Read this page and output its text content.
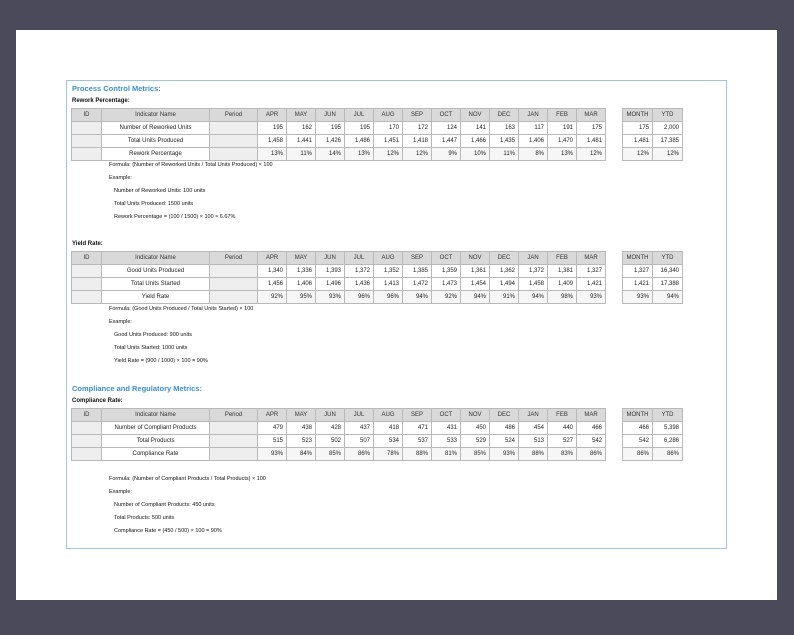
Process Control Metrics:
Rework Percentage:
Yield Rate:
Compliance and Regulatory Metrics:
Compliance Rate:
ID	Indicator Name	Period	APR	MAY	JUN	JUL	AUG	SEP	OCT	NOV	DEC	JAN	FEB	MAR
	Number of Reworked Units		195	162	195	195	170	172	124	141	163	117	191	175
	Total Units Produced		1,458	1,441	1,426	1,486	1,451	1,418	1,447	1,466	1,435	1,406	1,470	1,481
	Rework Percentage		13%	11%	14%	13%	12%	12%	9%	10%	11%	8%	13%	12%
MONTH	YTD
175	2,000
1,481	17,385
12%	12%
Formula: (Number of Reworked Units / Total Units Produced) × 100
Example:
Number of Reworked Units: 100 units
Total Units Produced: 1500 units
Rework Percentage = (100 / 1500) × 100 ≈ 6.67%
ID	Indicator Name	Period	APR	MAY	JUN	JUL	AUG	SEP	OCT	NOV	DEC	JAN	FEB	MAR
	Good Units Produced		1,340	1,336	1,393	1,372	1,352	1,385	1,359	1,361	1,362	1,372	1,381	1,327
	Total Units Started		1,456	1,406	1,496	1,436	1,413	1,472	1,473	1,454	1,494	1,458	1,409	1,421
	Yield Rate		92%	95%	93%	96%	96%	94%	92%	94%	91%	94%	98%	93%
MONTH	YTD
1,327	16,340
1,421	17,388
93%	94%
Formula: (Good Units Produced / Total Units Started) × 100
Example:
Good Units Produced: 900 units
Total Units Started: 1000 units
Yield Rate = (900 / 1000) × 100 = 90%
ID	Indicator Name	Period	APR	MAY	JUN	JUL	AUG	SEP	OCT	NOV	DEC	JAN	FEB	MAR
	Number of Compliant Products		479	438	428	437	418	471	431	450	486	454	440	466
	Total Products		515	523	502	507	534	537	533	529	524	513	527	542
	Compliance Rate		93%	84%	85%	86%	78%	88%	81%	85%	93%	88%	83%	86%
MONTH	YTD
466	5,398
542	6,286
86%	86%
Formula: (Number of Compliant Products / Total Products) × 100
Example:
Number of Compliant Products: 450 units
Total Products: 500 units
Compliance Rate = (450 / 500) × 100 = 90%
